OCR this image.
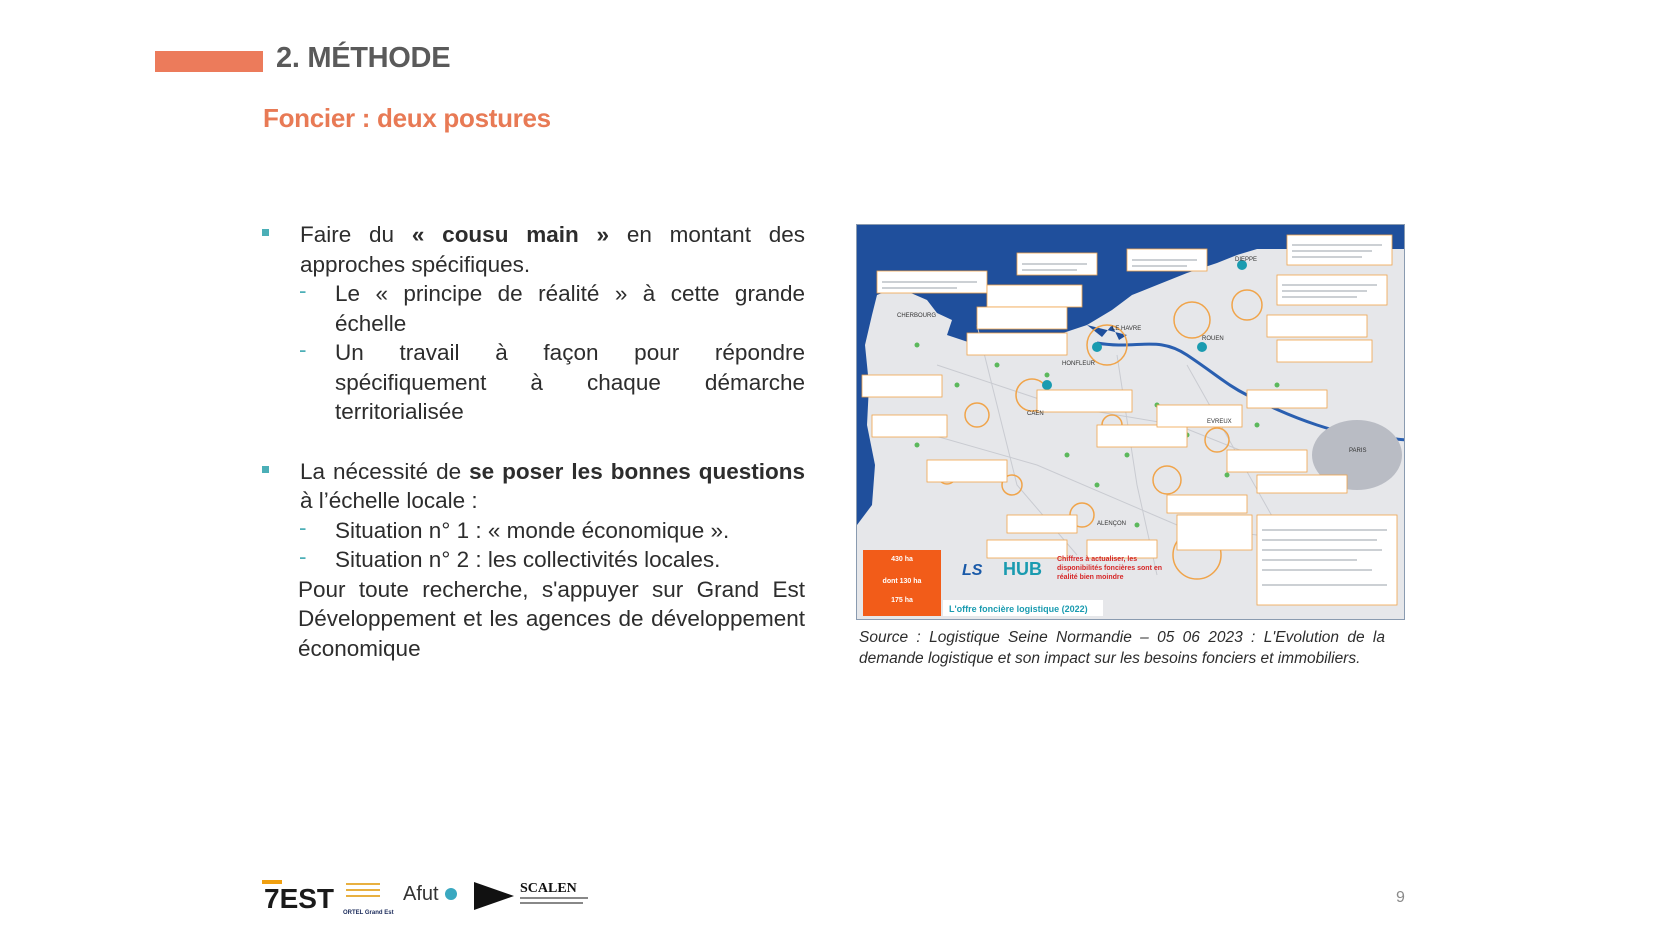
2. MÉTHODE
Foncier : deux postures
Faire du « cousu main » en montant des approches spécifiques.
- Le « principe de réalité » à cette grande échelle
- Un travail à façon pour répondre spécifiquement à chaque démarche territorialisée
La nécessité de se poser les bonnes questions à l’échelle locale :
- Situation n° 1 : « monde économique ».
- Situation n° 2 : les collectivités locales.
Pour toute recherche, s'appuyer sur Grand Est Développement et les agences de développement économique
CHERBOURG
LE HAVRE
ROUEN
HONFLEUR
CAEN
EVREUX
PARIS
ALENÇON
DIEPPE
430 ha
dont 130 ha
175 ha
LS HUB Chiffres à actualiser, les disponibilités foncières sont en réalité bien moindre
L'offre foncière logistique (2022)
Source : Logistique Seine Normandie – 05 06 2023 : L'Evolution de la demande logistique et son impact sur les besoins fonciers et immobiliers.
7EST ORTEL Grand Est
Afut	SCALEN
9
